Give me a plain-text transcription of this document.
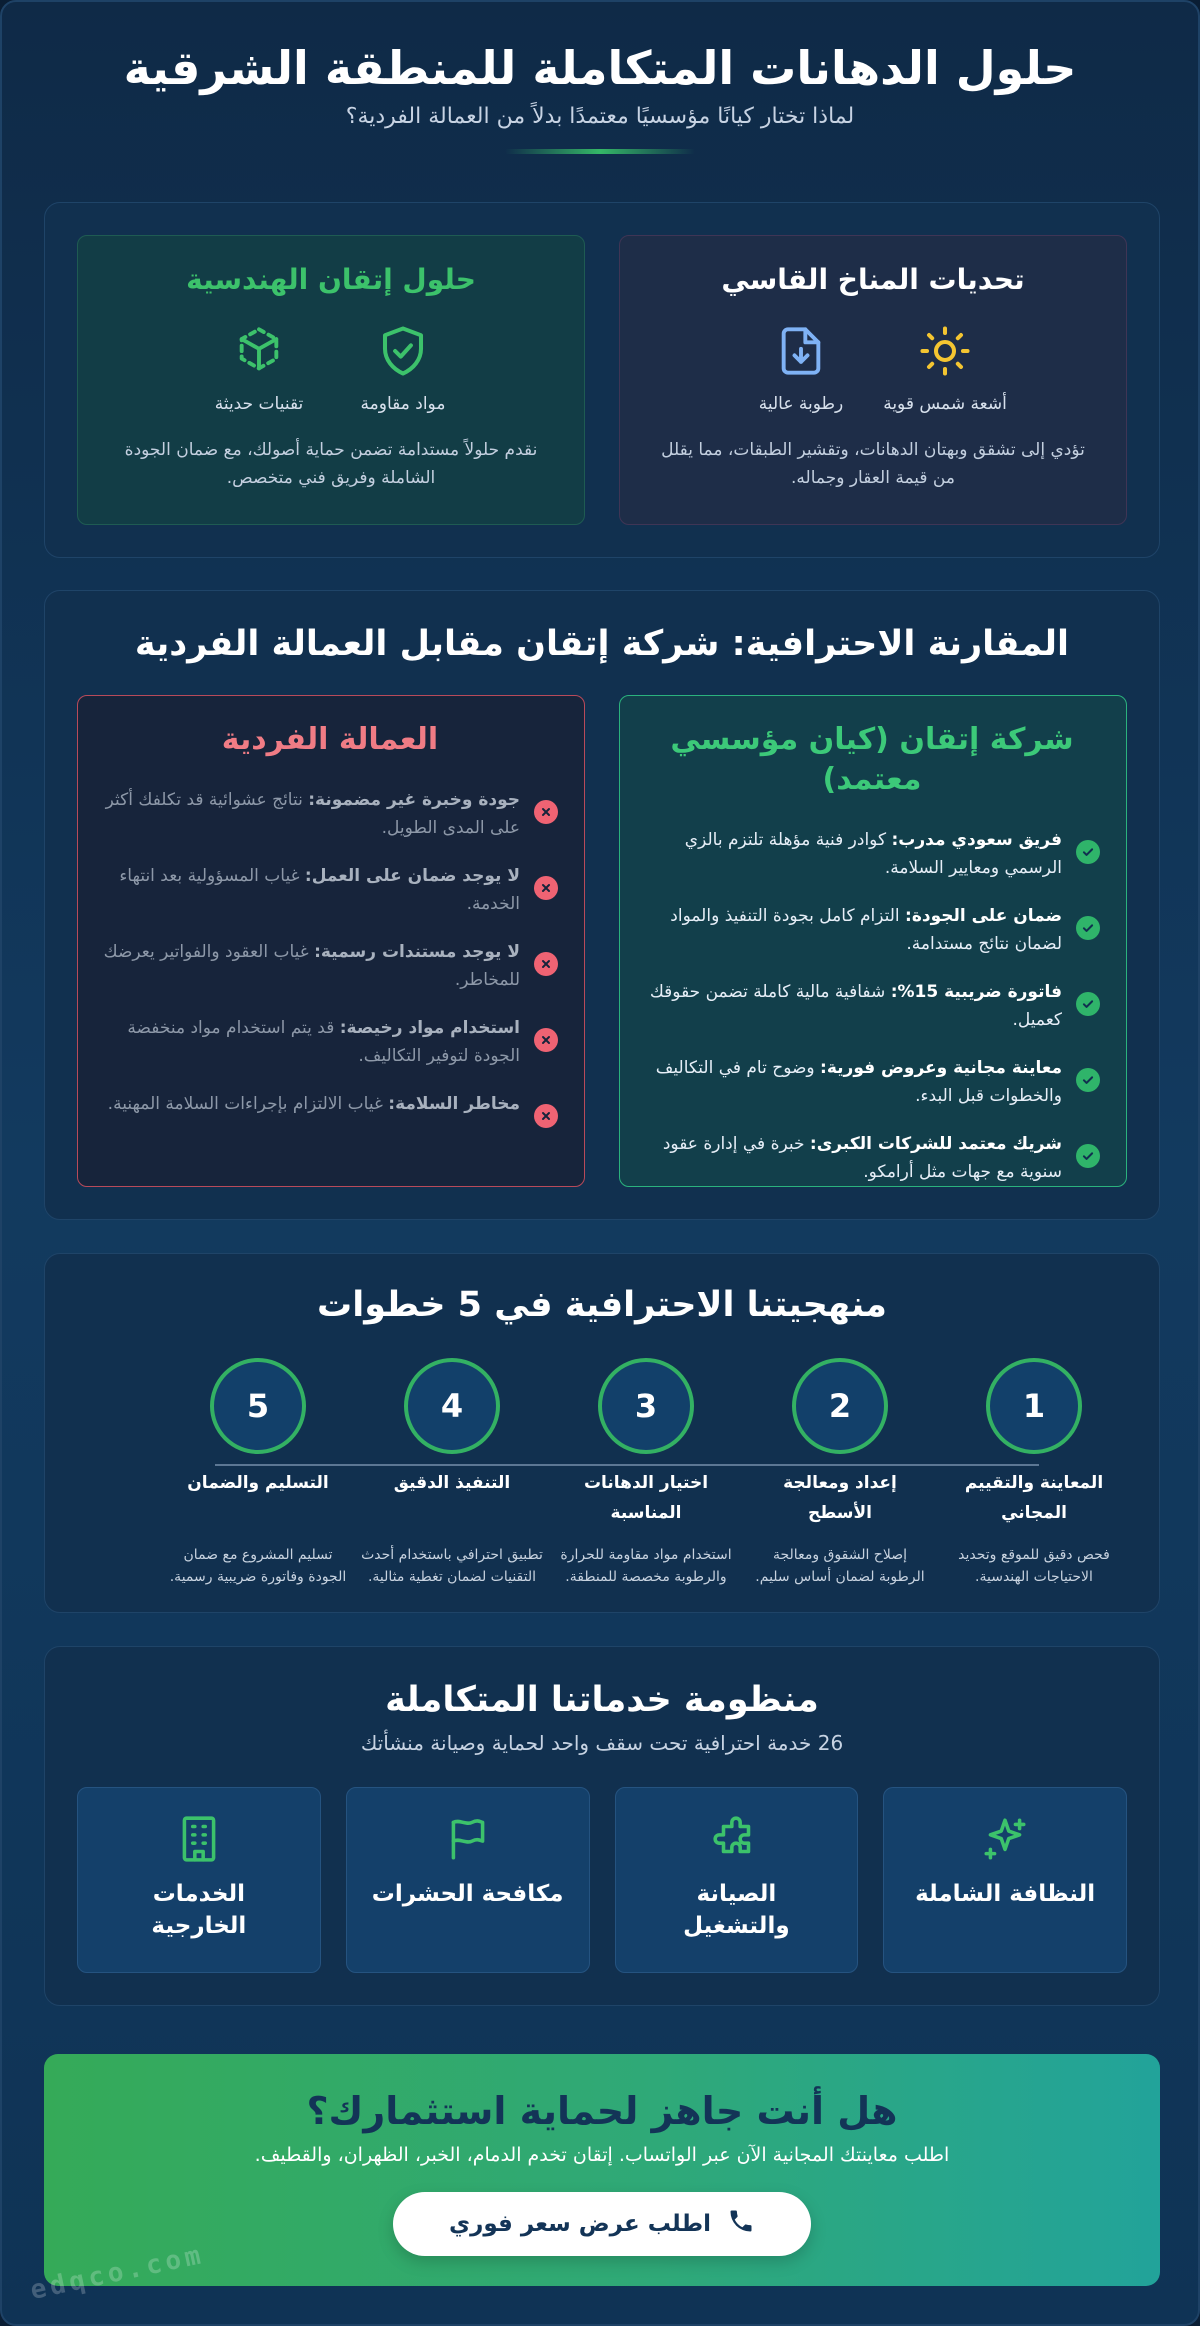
حلول الدهانات المتكاملة للمنطقة الشرقية
لماذا تختار كيانًا مؤسسيًا معتمدًا بدلاً من العمالة الفردية؟
تحديات المناخ القاسي
أشعة شمس قوية
رطوبة عالية

تؤدي إلى تشقق وبهتان الدهانات، وتقشير الطبقات، مما يقلل من قيمة العقار وجماله.

حلول إتقان الهندسية
مواد مقاومة
تقنيات حديثة

نقدم حلولاً مستدامة تضمن حماية أصولك، مع ضمان الجودة الشاملة وفريق فني متخصص.

المقارنة الاحترافية: شركة إتقان مقابل العمالة الفردية
شركة إتقان (كيان مؤسسي معتمد)
فريق سعودي مدرب: كوادر فنية مؤهلة تلتزم بالزي الرسمي ومعايير السلامة.
ضمان على الجودة: التزام كامل بجودة التنفيذ والمواد لضمان نتائج مستدامة.
فاتورة ضريبية 15%: شفافية مالية كاملة تضمن حقوقك كعميل.
معاينة مجانية وعروض فورية: وضوح تام في التكاليف والخطوات قبل البدء.
شريك معتمد للشركات الكبرى: خبرة في إدارة عقود سنوية مع جهات مثل أرامكو.
العمالة الفردية
جودة وخبرة غير مضمونة: نتائج عشوائية قد تكلفك أكثر على المدى الطويل.
لا يوجد ضمان على العمل: غياب المسؤولية بعد انتهاء الخدمة.
لا يوجد مستندات رسمية: غياب العقود والفواتير يعرضك للمخاطر.
استخدام مواد رخيصة: قد يتم استخدام مواد منخفضة الجودة لتوفير التكاليف.
مخاطر السلامة: غياب الالتزام بإجراءات السلامة المهنية.
منهجيتنا الاحترافية في 5 خطوات
1
المعاينة والتقييم المجاني
فحص دقيق للموقع وتحديد الاحتياجات الهندسية.
2
إعداد ومعالجة الأسطح
إصلاح الشقوق ومعالجة الرطوبة لضمان أساس سليم.
3
اختيار الدهانات المناسبة
استخدام مواد مقاومة للحرارة والرطوبة مخصصة للمنطقة.
4
التنفيذ الدقيق
تطبيق احترافي باستخدام أحدث التقنيات لضمان تغطية مثالية.
5
التسليم والضمان
تسليم المشروع مع ضمان الجودة وفاتورة ضريبية رسمية.
منظومة خدماتنا المتكاملة
26 خدمة احترافية تحت سقف واحد لحماية وصيانة منشأتك
النظافة الشاملة
الصيانة والتشغيل
مكافحة الحشرات
الخدمات الخارجية
هل أنت جاهز لحماية استثمارك؟

اطلب معاينتك المجانية الآن عبر الواتساب. إتقان تخدم الدمام، الخبر، الظهران، والقطيف.

اطلب عرض سعر فوري
edqco.com
